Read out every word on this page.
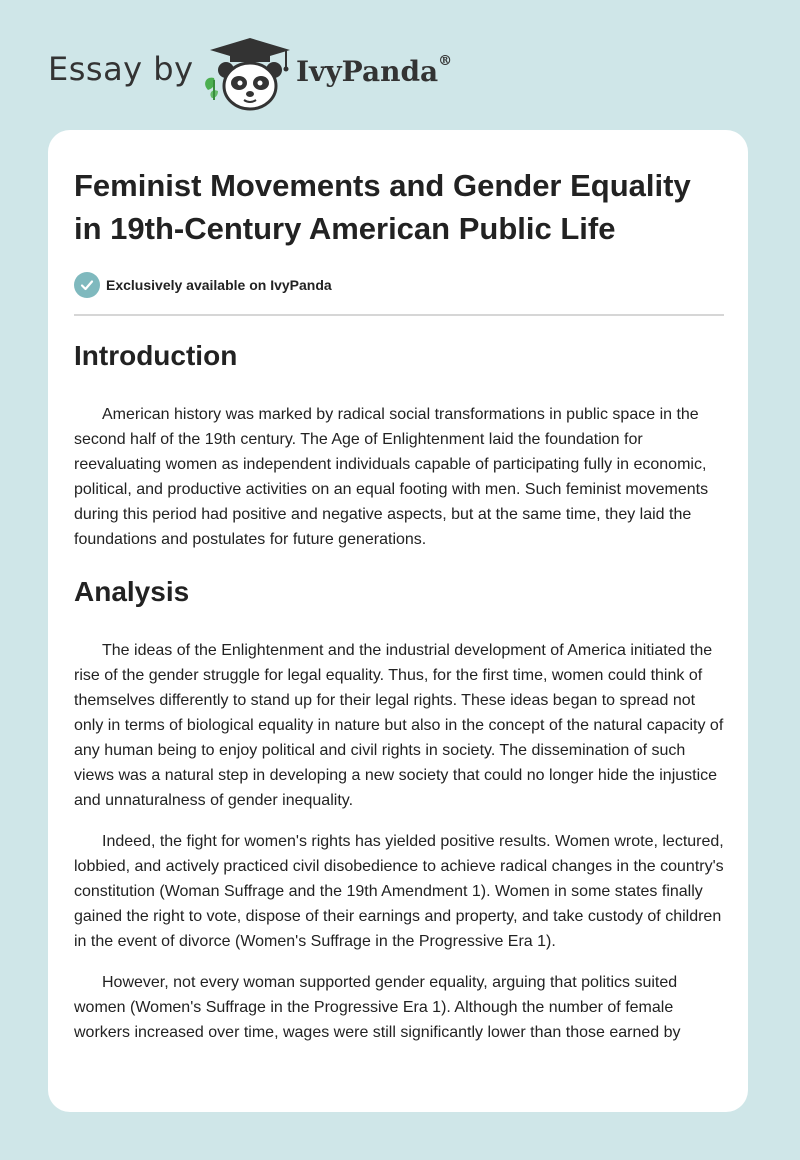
Essay by	IvyPanda®
Feminist Movements and Gender Equality in 19th-Century American Public Life
Exclusively available on IvyPanda
Introduction

American history was marked by radical social transformations in public space in the second half of the 19th century. The Age of Enlightenment laid the foundation for reevaluating women as independent individuals capable of participating fully in economic, political, and productive activities on an equal footing with men. Such feminist movements during this period had positive and negative aspects, but at the same time, they laid the foundations and postulates for future generations.

Analysis

The ideas of the Enlightenment and the industrial development of America initiated the rise of the gender struggle for legal equality. Thus, for the first time, women could think of themselves differently to stand up for their legal rights. These ideas began to spread not only in terms of biological equality in nature but also in the concept of the natural capacity of any human being to enjoy political and civil rights in society. The dissemination of such views was a natural step in developing a new society that could no longer hide the injustice and unnaturalness of gender inequality.

Indeed, the fight for women's rights has yielded positive results. Women wrote, lectured, lobbied, and actively practiced civil disobedience to achieve radical changes in the country's constitution (Woman Suffrage and the 19th Amendment 1). Women in some states finally gained the right to vote, dispose of their earnings and property, and take custody of children in the event of divorce (Women's Suffrage in the Progressive Era 1).

However, not every woman supported gender equality, arguing that politics suited women (Women's Suffrage in the Progressive Era 1). Although the number of female workers increased over time, wages were still significantly lower than those earned by
